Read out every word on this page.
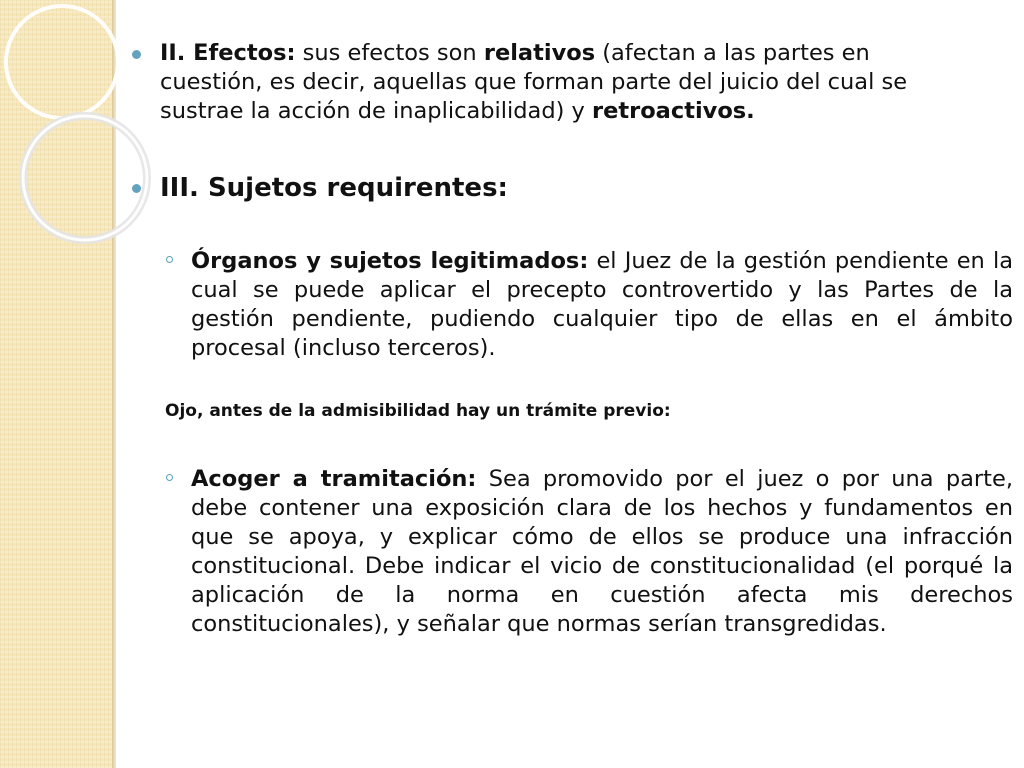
II. Efectos: sus efectos son relativos (afectan a las partes en cuestión, es decir, aquellas que forman parte del juicio del cual se sustrae la acción de inaplicabilidad) y retroactivos.

III. Sujetos requirentes:

Órganos y sujetos legitimados: el Juez de la gestión pendiente en la cual se puede aplicar el precepto controvertido y las Partes de la gestión pendiente, pudiendo cualquier tipo de ellas en el ámbito procesal (incluso terceros).

Ojo, antes de la admisibilidad hay un trámite previo:

Acoger a tramitación: Sea promovido por el juez o por una parte, debe contener una exposición clara de los hechos y fundamentos en que se apoya, y explicar cómo de ellos se produce una infracción constitucional. Debe indicar el vicio de constitucionalidad (el porqué la aplicación de la norma en cuestión afecta mis derechos constitucionales), y señalar que normas serían transgredidas.
